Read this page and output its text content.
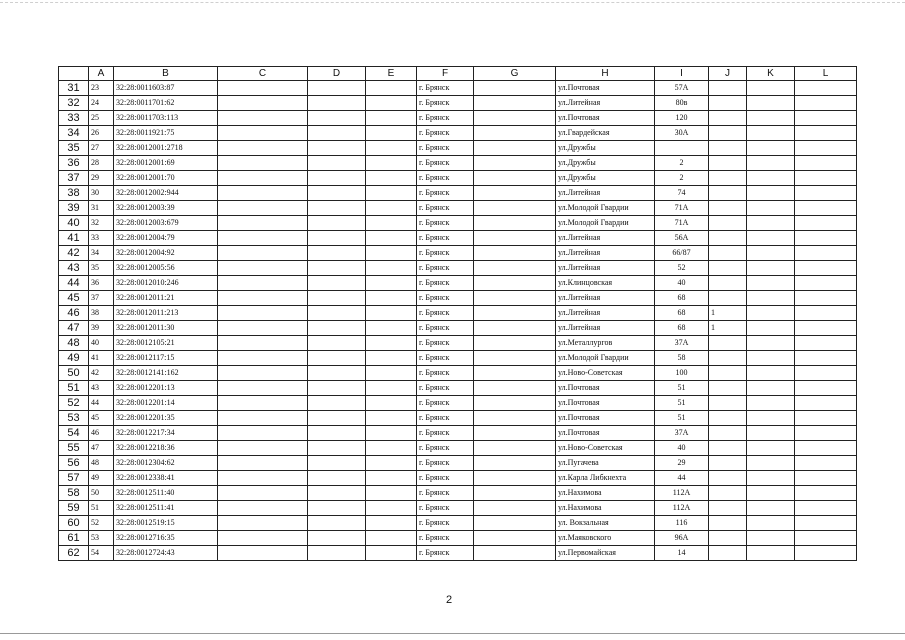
	A	B	C	D	E	F	G	H	I	J	K	L
31	23	32:28:0011603:87				г. Брянск		ул.Почтовая	57А			
32	24	32:28:0011701:62				г. Брянск		ул.Литейная	80в			
33	25	32:28:0011703:113				г. Брянск		ул.Почтовая	120			
34	26	32:28:0011921:75				г. Брянск		ул.Гвардейская	30А			
35	27	32:28:0012001:2718				г. Брянск		ул.Дружбы				
36	28	32:28:0012001:69				г. Брянск		ул.Дружбы	2			
37	29	32:28:0012001:70				г. Брянск		ул.Дружбы	2			
38	30	32:28:0012002:944				г. Брянск		ул.Литейная	74			
39	31	32:28:0012003:39				г. Брянск		ул.Молодой Гвардии	71А			
40	32	32:28:0012003:679				г. Брянск		ул.Молодой Гвардии	71А			
41	33	32:28:0012004:79				г. Брянск		ул.Литейная	56А			
42	34	32:28:0012004:92				г. Брянск		ул.Литейная	66/87			
43	35	32:28:0012005:56				г. Брянск		ул.Литейная	52			
44	36	32:28:0012010:246				г. Брянск		ул.Клинцовская	40			
45	37	32:28:0012011:21				г. Брянск		ул.Литейная	68			
46	38	32:28:0012011:213				г. Брянск		ул.Литейная	68	1		
47	39	32:28:0012011:30				г. Брянск		ул.Литейная	68	1		
48	40	32:28:0012105:21				г. Брянск		ул.Металлургов	37А			
49	41	32:28:0012117:15				г. Брянск		ул.Молодой Гвардии	58			
50	42	32:28:0012141:162				г. Брянск		ул.Ново-Советская	100			
51	43	32:28:0012201:13				г. Брянск		ул.Почтовая	51			
52	44	32:28:0012201:14				г. Брянск		ул.Почтовая	51			
53	45	32:28:0012201:35				г. Брянск		ул.Почтовая	51			
54	46	32:28:0012217:34				г. Брянск		ул.Почтовая	37А			
55	47	32:28:0012218:36				г. Брянск		ул.Ново-Советская	40			
56	48	32:28:0012304:62				г. Брянск		ул.Пугачева	29			
57	49	32:28:0012338:41				г. Брянск		ул.Карла Либкнехта	44			
58	50	32:28:0012511:40				г. Брянск		ул.Нахимова	112А			
59	51	32:28:0012511:41				г. Брянск		ул.Нахимова	112А			
60	52	32:28:0012519:15				г. Брянск		ул. Вокзальная	116			
61	53	32:28:0012716:35				г. Брянск		ул.Маяковского	96А			
62	54	32:28:0012724:43				г. Брянск		ул.Первомайская	14			
2
